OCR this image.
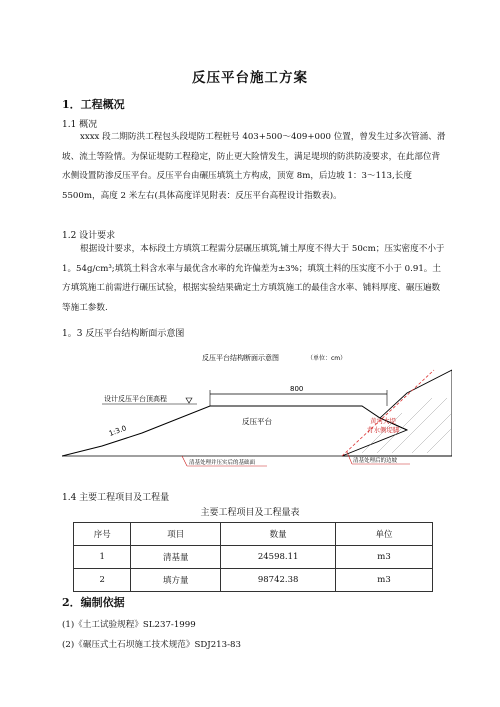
反压平台施工方案
1．工程概况
1.1 概况
xxxx 段二期防洪工程包头段堤防工程桩号 403+500～409+000 位置，曾发生过多次管涌、滑坡、流土等险情。为保证堤防工程稳定，防止更大险情发生，满足堤坝的防洪防凌要求，在此部位背水侧设置防渗反压平台。反压平台由碾压填筑土方构成，顶宽 8m，后边坡 1：3～113,长度 5500m，高度 2 米左右(具体高度详见附表：反压平台高程设计指数表)。
1.2 设计要求
根据设计要求，本标段土方填筑工程需分层碾压填筑,铺土厚度不得大于 50cm；压实密度不小于 1。54g/cm³;填筑土料含水率与最优含水率的允许偏差为±3%；填筑土料的压实度不小于 0.91。土方填筑施工前需进行碾压试验，根据实验结果确定土方填筑施工的最佳含水率、铺料厚度、碾压遍数等施工参数.
1。3 反压平台结构断面示意图
反压平台结构断面示意图	（单位：cm）
800
设计反压平台顶高程
1:3.0
反压平台	黄河大堤
背水侧堤脚
清基处理并压实后的基础面	清基处理后的边坡
1.4 主要工程项目及工程量
主要工程项目及工程量表
序号	项目	数量	单位
1	清基量	24598.11	m3
2	填方量	98742.38	m3
2．编制依据
(1)《土工试验规程》SL237-1999
(2)《碾压式土石坝施工技术规范》SDJ213-83
